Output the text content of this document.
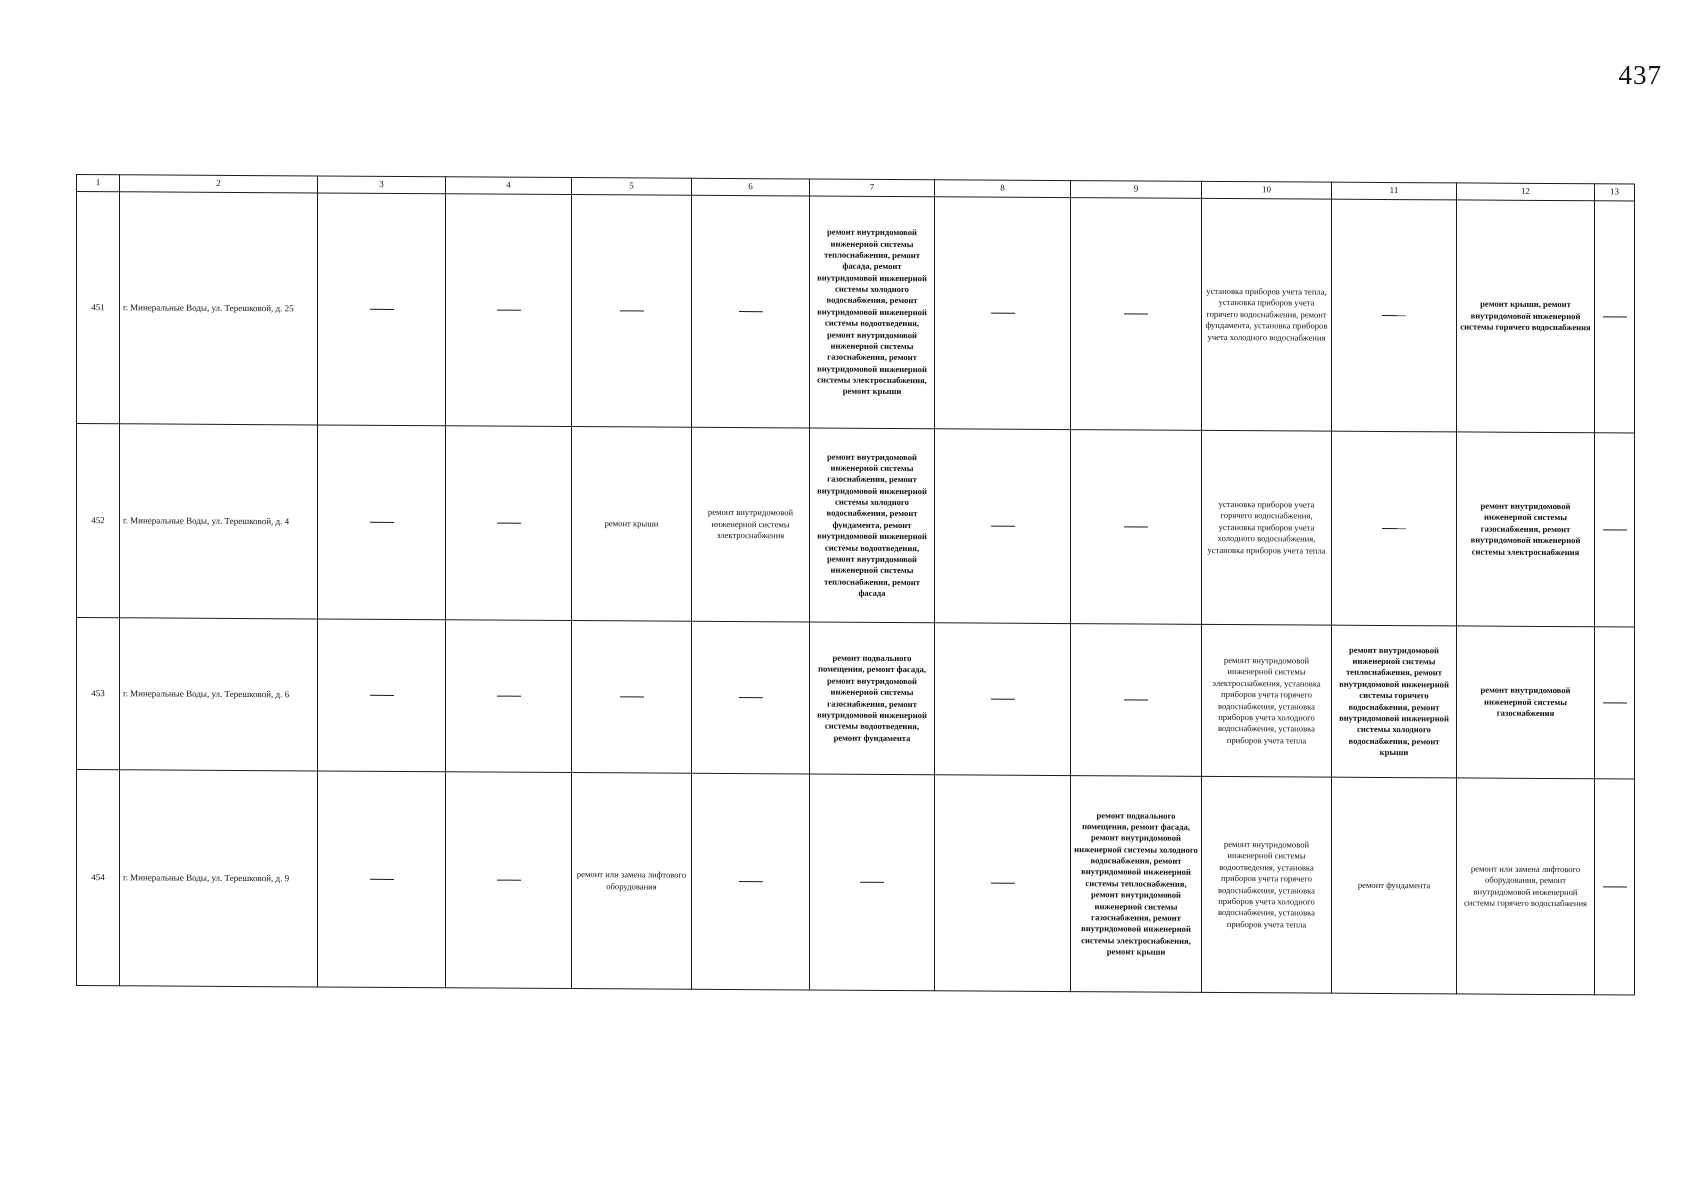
437
1	2	3	4	5	6	7	8	9	10	11	12	13
451	г. Минеральные Воды, ул. Терешковой, д. 25					ремонт внутридомовой инженерной системы теплоснабжения, ремонт фасада, ремонт внутридомовой инженерной системы холодного водоснабжения, ремонт внутридомовой инженерной системы водоотведения, ремонт внутридомовой инженерной системы газоснабжения, ремонт внутридомовой инженерной системы электроснабжения, ремонт крыши			установка приборов учета тепла, установка приборов учета горячего водоснабжения, ремонт фундамента, установка приборов учета холодного водоснабжения		ремонт крыши, ремонт внутридомовой инженерной системы горячего водоснабжения	
452	г. Минеральные Воды, ул. Терешковой, д. 4			ремонт крыши	ремонт внутридомовой инженерной системы электроснабжения	ремонт внутридомовой инженерной системы газоснабжения, ремонт внутридомовой инженерной системы холодного водоснабжения, ремонт фундамента, ремонт внутридомовой инженерной системы водоотведения, ремонт внутридомовой инженерной системы теплоснабжения, ремонт фасада			установка приборов учета горячего водоснабжения, установка приборов учета холодного водоснабжения, установка приборов учета тепла		ремонт внутридомовой инженерной системы газоснабжения, ремонт внутридомовой инженерной системы электроснабжения	
453	г. Минеральные Воды, ул. Терешковой, д. 6					ремонт подвального помещения, ремонт фасада, ремонт внутридомовой инженерной системы газоснабжения, ремонт внутридомовой инженерной системы водоотведения, ремонт фундамента			ремонт внутридомовой инженерной системы электроснабжения, установка приборов учета горячего водоснабжения, установка приборов учета холодного водоснабжения, установка приборов учета тепла	ремонт внутридомовой инженерной системы теплоснабжения, ремонт внутридомовой инженерной системы горячего водоснабжения, ремонт внутридомовой инженерной системы холодного водоснабжения, ремонт крыши	ремонт внутридомовой инженерной системы газоснабжения	
454	г. Минеральные Воды, ул. Терешковой, д. 9			ремонт или замена лифтового оборудования				ремонт подвального помещения, ремонт фасада, ремонт внутридомовой инженерной системы холодного водоснабжения, ремонт внутридомовой инженерной системы теплоснабжения, ремонт внутридомовой инженерной системы газоснабжения, ремонт внутридомовой инженерной системы электроснабжения, ремонт крыши	ремонт внутридомовой инженерной системы водоотведения, установка приборов учета горячего водоснабжения, установка приборов учета холодного водоснабжения, установка приборов учета тепла	ремонт фундамента	ремонт или замена лифтового оборудования, ремонт внутридомовой инженерной системы горячего водоснабжения	
